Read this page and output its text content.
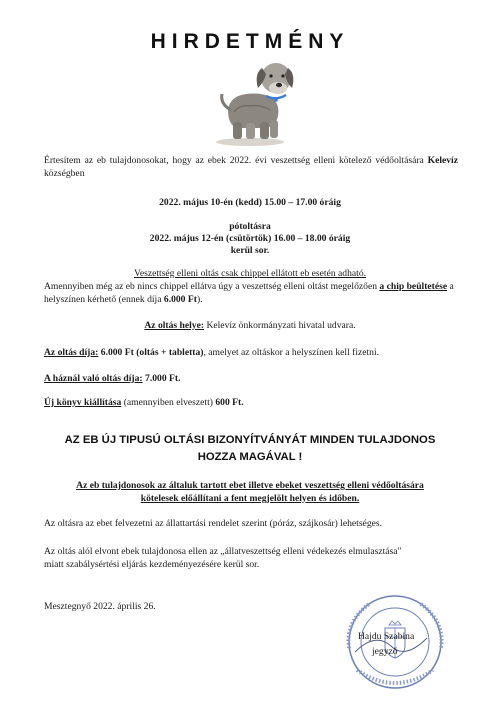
HIRDETMÉNY
Értesítem az eb tulajdonosokat, hogy az ebek 2022. évi veszettség elleni kötelező védőoltására Kelevíz községben
2022. május 10-én (kedd) 15.00 – 17.00 óráig
pótoltásra
2022. május 12-én (csütörtök) 16.00 – 18.00 óráig
kerül sor.
Veszettség elleni oltás csak chippel ellátott eb esetén adható.
Amennyiben még az eb nincs chippel ellátva úgy a veszettség elleni oltást megelőzően a chip beültetése a helyszínen kérhető (ennek díja 6.000 Ft).
Az oltás helye: Kelevíz önkormányzati hivatal udvara.
Az oltás díja: 6.000 Ft (oltás + tabletta), amelyet az oltáskor a helyszínen kell fizetni.
A háznál való oltás díja: 7.000 Ft.
Új könyv kiállítása (amennyiben elveszett) 600 Ft.
AZ EB ÚJ TIPUSÚ OLTÁSI BIZONYÍTVÁNYÁT MINDEN TULAJDONOS
HOZZA MAGÁVAL !
Az eb tulajdonosok az általuk tartott ebet illetve ebeket veszettség elleni védőoltására
kötelesek előállítani a fent megjelölt helyen és időben.
Az oltásra az ebet felvezetni az állattartási rendelet szerint (póráz, szájkosár) lehetséges.
Az oltás alól elvont ebek tulajdonosa ellen az „állatveszettség elleni védekezés elmulasztása"
miatt szabálysértési eljárás kezdeményezésére kerül sor.
Mesztegnyő 2022. április 26.
Hajdu Szabina
jegyző
